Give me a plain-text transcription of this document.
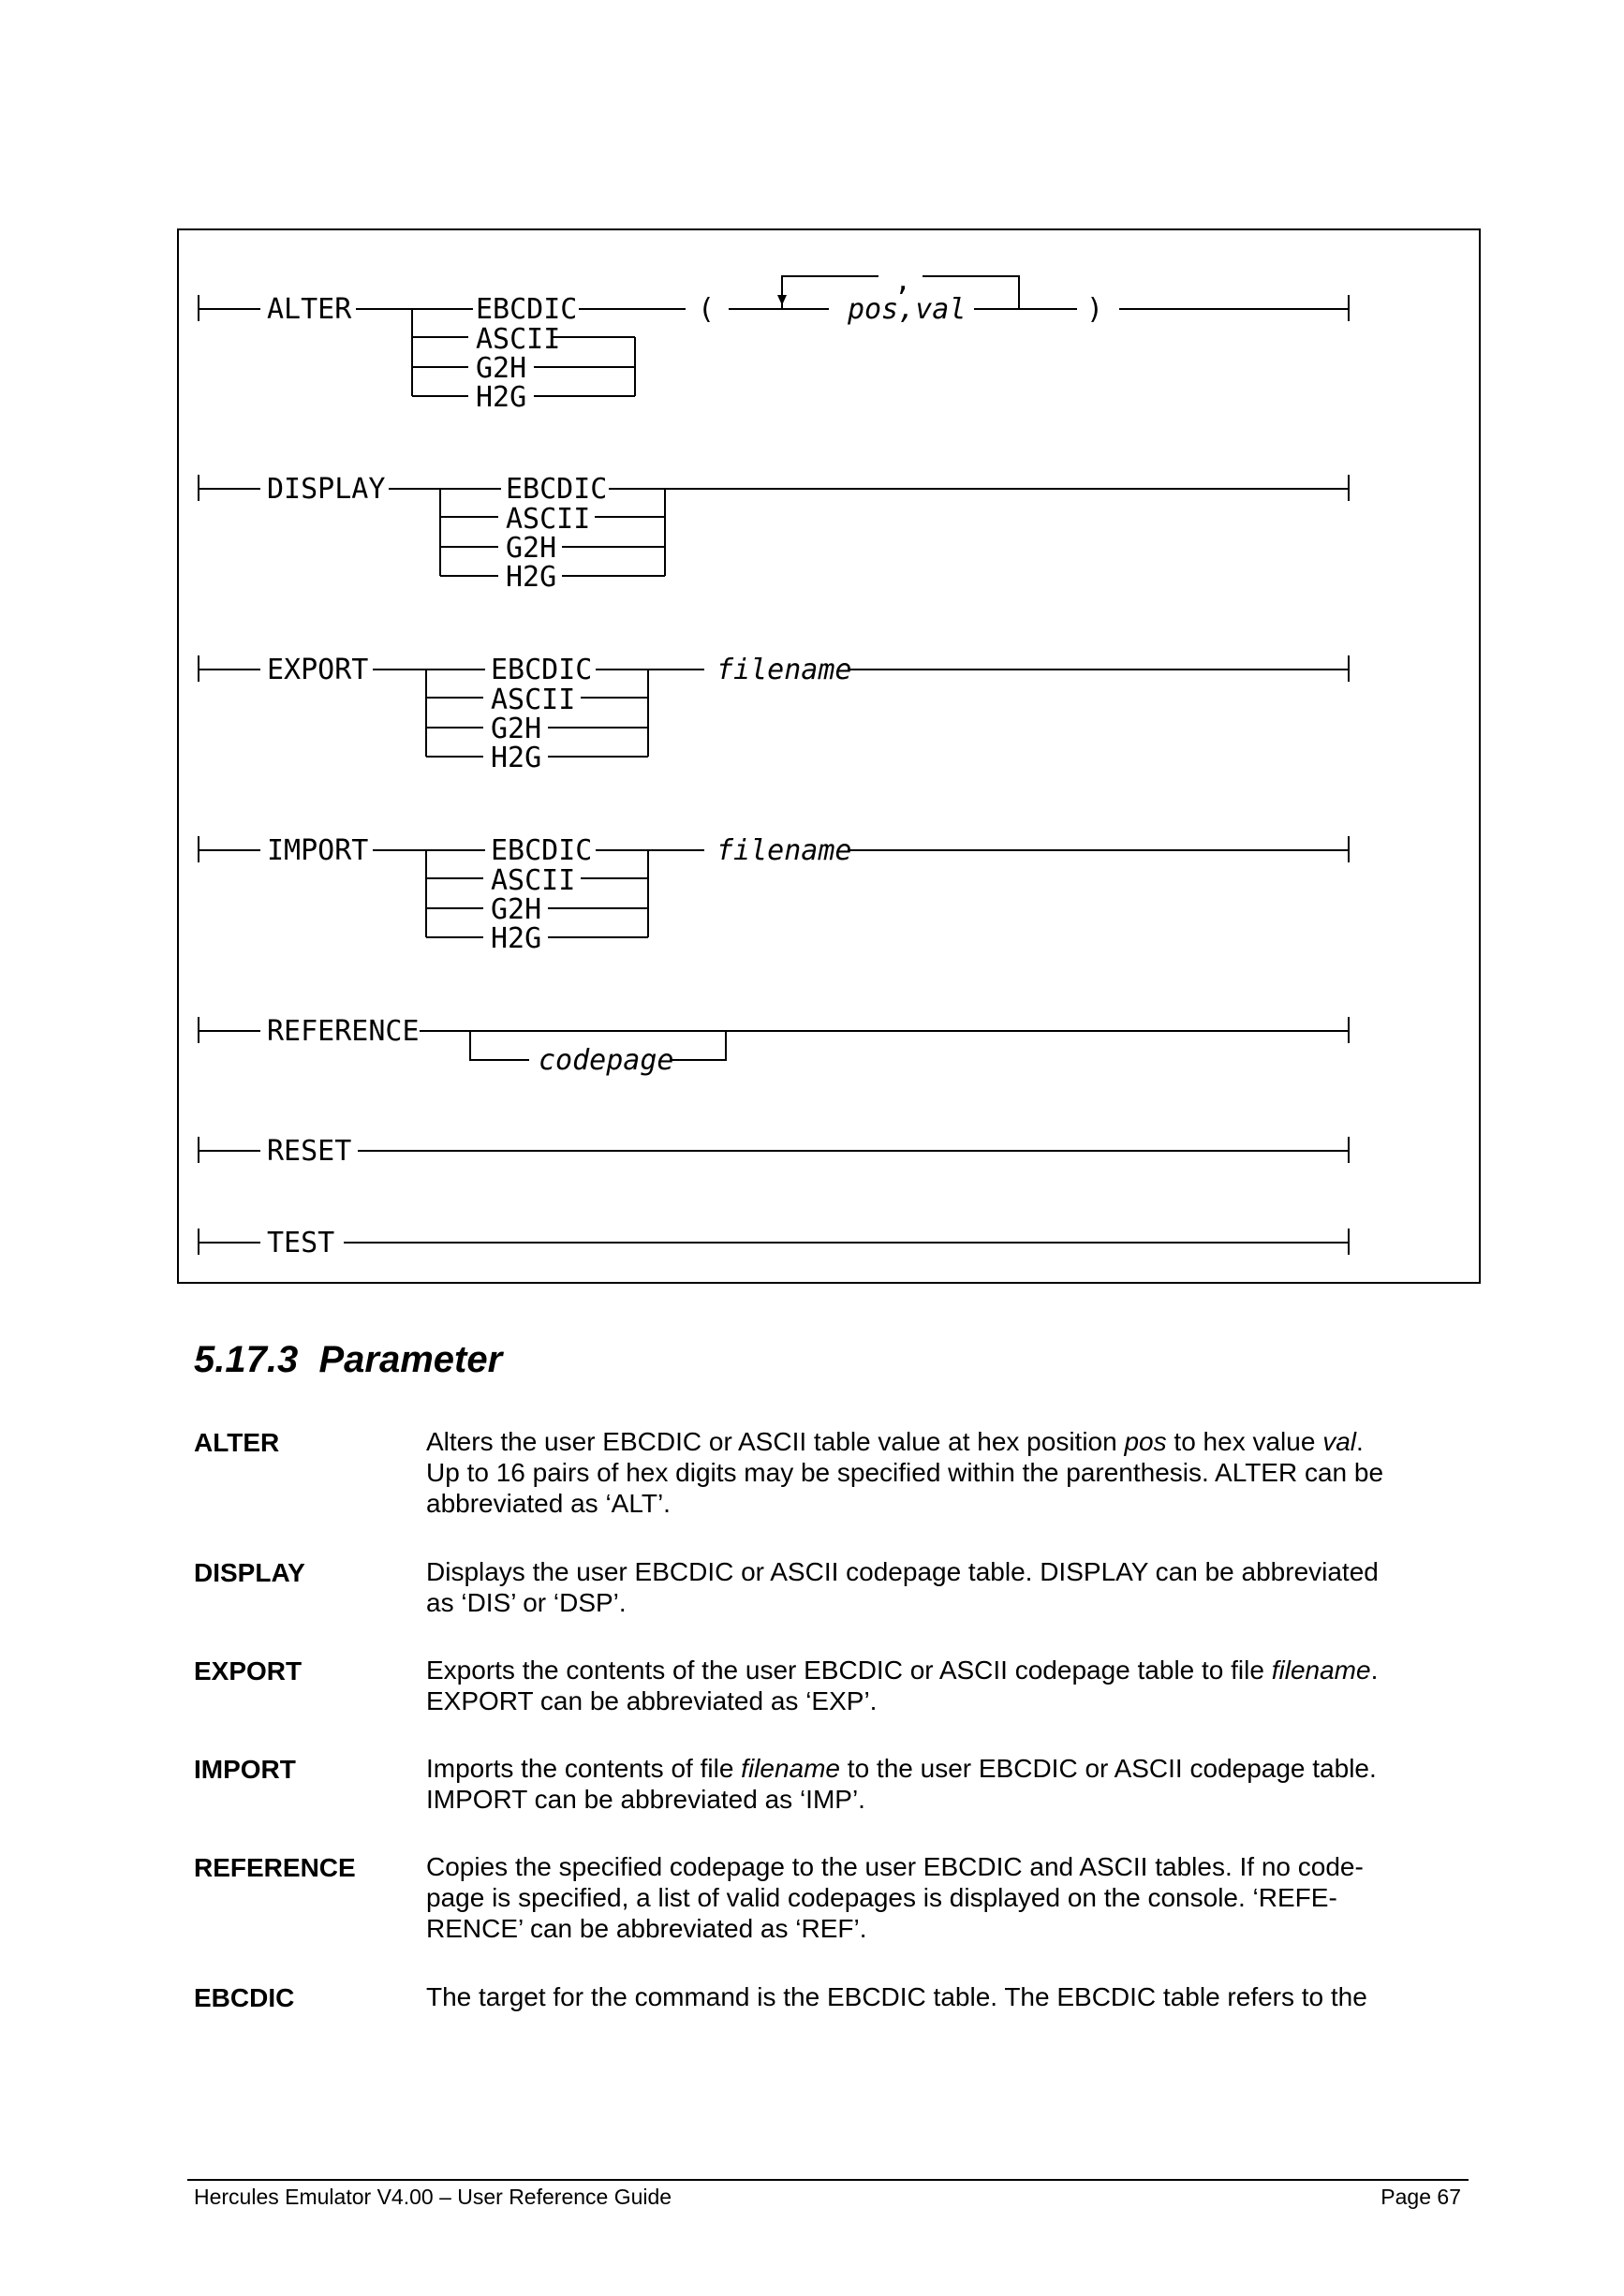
ALTER	EBCDIC
ASCII
G2H
H2G
(
,
pos,val	)
DISPLAY	EBCDIC
ASCII
G2H
H2G
EXPORT	EBCDIC
ASCII
G2H
H2G
filename
IMPORT	EBCDIC
ASCII
G2H
H2G
filename
REFERENCE
codepage
RESET
TEST
5.17.3 Parameter
ALTER	Alters the user EBCDIC or ASCII table value at hex position pos to hex value val.
Up to 16 pairs of hex digits may be specified within the parenthesis. ALTER can be
abbreviated as ‘ALT’.
DISPLAY	Displays the user EBCDIC or ASCII codepage table. DISPLAY can be abbreviated
as ‘DIS’ or ‘DSP’.
EXPORT	Exports the contents of the user EBCDIC or ASCII codepage table to file filename.
EXPORT can be abbreviated as ‘EXP’.
IMPORT	Imports the contents of file filename to the user EBCDIC or ASCII codepage table.
IMPORT can be abbreviated as ‘IMP’.
REFERENCE	Copies the specified codepage to the user EBCDIC and ASCII tables. If no code-
page is specified, a list of valid codepages is displayed on the console. ‘REFE-
RENCE’ can be abbreviated as ‘REF’.
EBCDIC	The target for the command is the EBCDIC table. The EBCDIC table refers to the
Hercules Emulator V4.00 – User Reference Guide	Page 67
